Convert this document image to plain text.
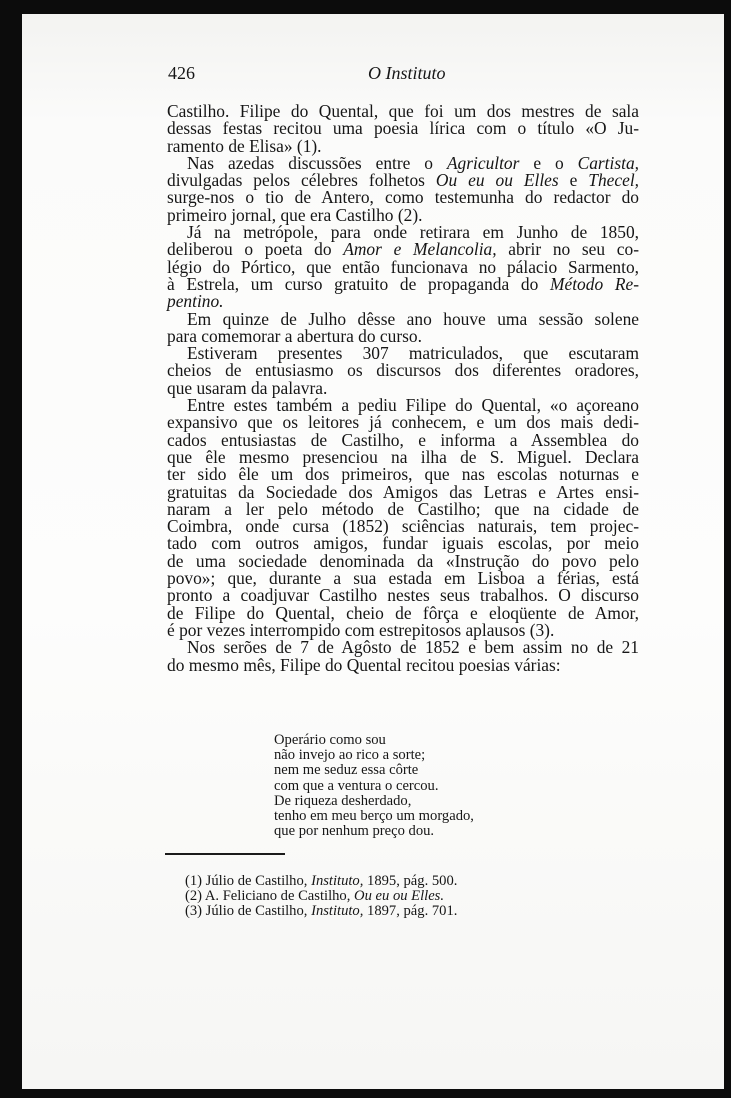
426	O Instituto
Castilho. Filipe do Quental, que foi um dos mestres de sala
dessas festas recitou uma poesia lírica com o título «O Ju-
ramento de Elisa» (1).
Nas azedas discussões entre o Agricultor e o Cartista,
divulgadas pelos célebres folhetos Ou eu ou Elles e Thecel,
surge-nos o tio de Antero, como testemunha do redactor do
primeiro jornal, que era Castilho (2).
Já na metrópole, para onde retirara em Junho de 1850,
deliberou o poeta do Amor e Melancolia, abrir no seu co-
légio do Pórtico, que então funcionava no pálacio Sarmento,
à Estrela, um curso gratuito de propaganda do Método Re-
pentino.
Em quinze de Julho dêsse ano houve uma sessão solene
para comemorar a abertura do curso.
Estiveram presentes 307 matriculados, que escutaram
cheios de entusiasmo os discursos dos diferentes oradores,
que usaram da palavra.
Entre estes também a pediu Filipe do Quental, «o açoreano
expansivo que os leitores já conhecem, e um dos mais dedi-
cados entusiastas de Castilho, e informa a Assemblea do
que êle mesmo presenciou na ilha de S. Miguel. Declara
ter sido êle um dos primeiros, que nas escolas noturnas e
gratuitas da Sociedade dos Amigos das Letras e Artes ensi-
naram a ler pelo método de Castilho; que na cidade de
Coimbra, onde cursa (1852) sciências naturais, tem projec-
tado com outros amigos, fundar iguais escolas, por meio
de uma sociedade denominada da «Instrução do povo pelo
povo»; que, durante a sua estada em Lisboa a férias, está
pronto a coadjuvar Castilho nestes seus trabalhos. O discurso
de Filipe do Quental, cheio de fôrça e eloqüente de Amor,
é por vezes interrompido com estrepitosos aplausos (3).
Nos serões de 7 de Agôsto de 1852 e bem assim no de 21
do mesmo mês, Filipe do Quental recitou poesias várias:
Operário como sou
não invejo ao rico a sorte;
nem me seduz essa côrte
com que a ventura o cercou.
De riqueza desherdado,
tenho em meu berço um morgado,
que por nenhum preço dou.
(1) Júlio de Castilho, Instituto, 1895, pág. 500.
(2) A. Feliciano de Castilho, Ou eu ou Elles.
(3) Júlio de Castilho, Instituto, 1897, pág. 701.
